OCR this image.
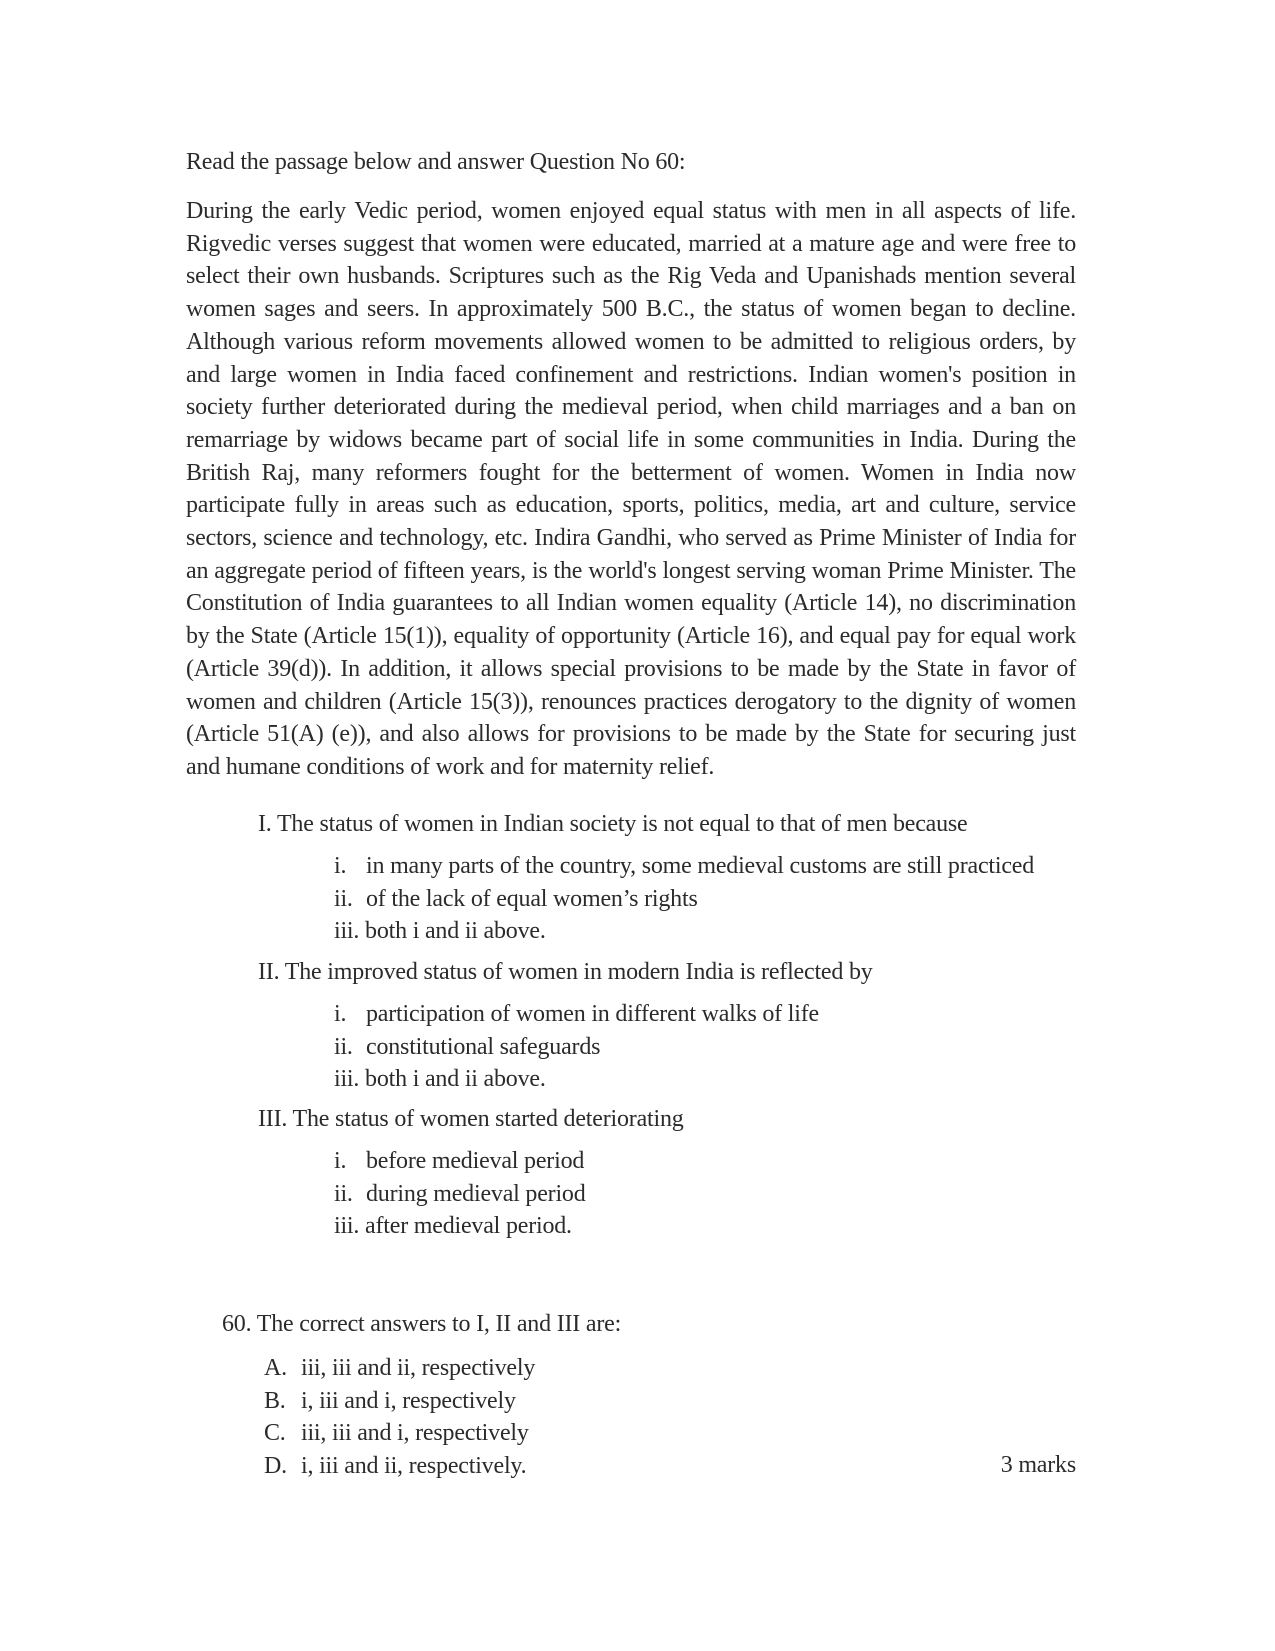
Read the passage below and answer Question No 60:

During the early Vedic period, women enjoyed equal status with men in all aspects of life. Rigvedic verses suggest that women were educated, married at a mature age and were free to select their own husbands. Scriptures such as the Rig Veda and Upanishads mention several women sages and seers. In approximately 500 B.C., the status of women began to decline. Although various reform movements allowed women to be admitted to religious orders, by and large women in India faced confinement and restrictions. Indian women's position in society further deteriorated during the medieval period, when child marriages and a ban on remarriage by widows became part of social life in some communities in India. During the British Raj, many reformers fought for the betterment of women. Women in India now participate fully in areas such as education, sports, politics, media, art and culture, service sectors, science and technology, etc. Indira Gandhi, who served as Prime Minister of India for an aggregate period of fifteen years, is the world's longest serving woman Prime Minister. The Constitution of India guarantees to all Indian women equality (Article 14), no discrimination by the State (Article 15(1)), equality of opportunity (Article 16), and equal pay for equal work (Article 39(d)). In addition, it allows special provisions to be made by the State in favor of women and children (Article 15(3)), renounces practices derogatory to the dignity of women (Article 51(A) (e)), and also allows for provisions to be made by the State for securing just and humane conditions of work and for maternity relief.

I. The status of women in Indian society is not equal to that of men because

i. in many parts of the country, some medieval customs are still practiced
ii. of the lack of equal women’s rights
iii.
both i and ii above.

II. The improved status of women in modern India is reflected by

i. participation of women in different walks of life
ii. constitutional safeguards
iii.
both i and ii above.

III. The status of women started deteriorating

i. before medieval period
ii. during medieval period
iii.
after medieval period.

60. The correct answers to I, II and III are:

A. iii, iii and ii, respectively
B. i, iii and i, respectively
C. iii, iii and i, respectively
D. i, iii and ii, respectively.	3 marks
